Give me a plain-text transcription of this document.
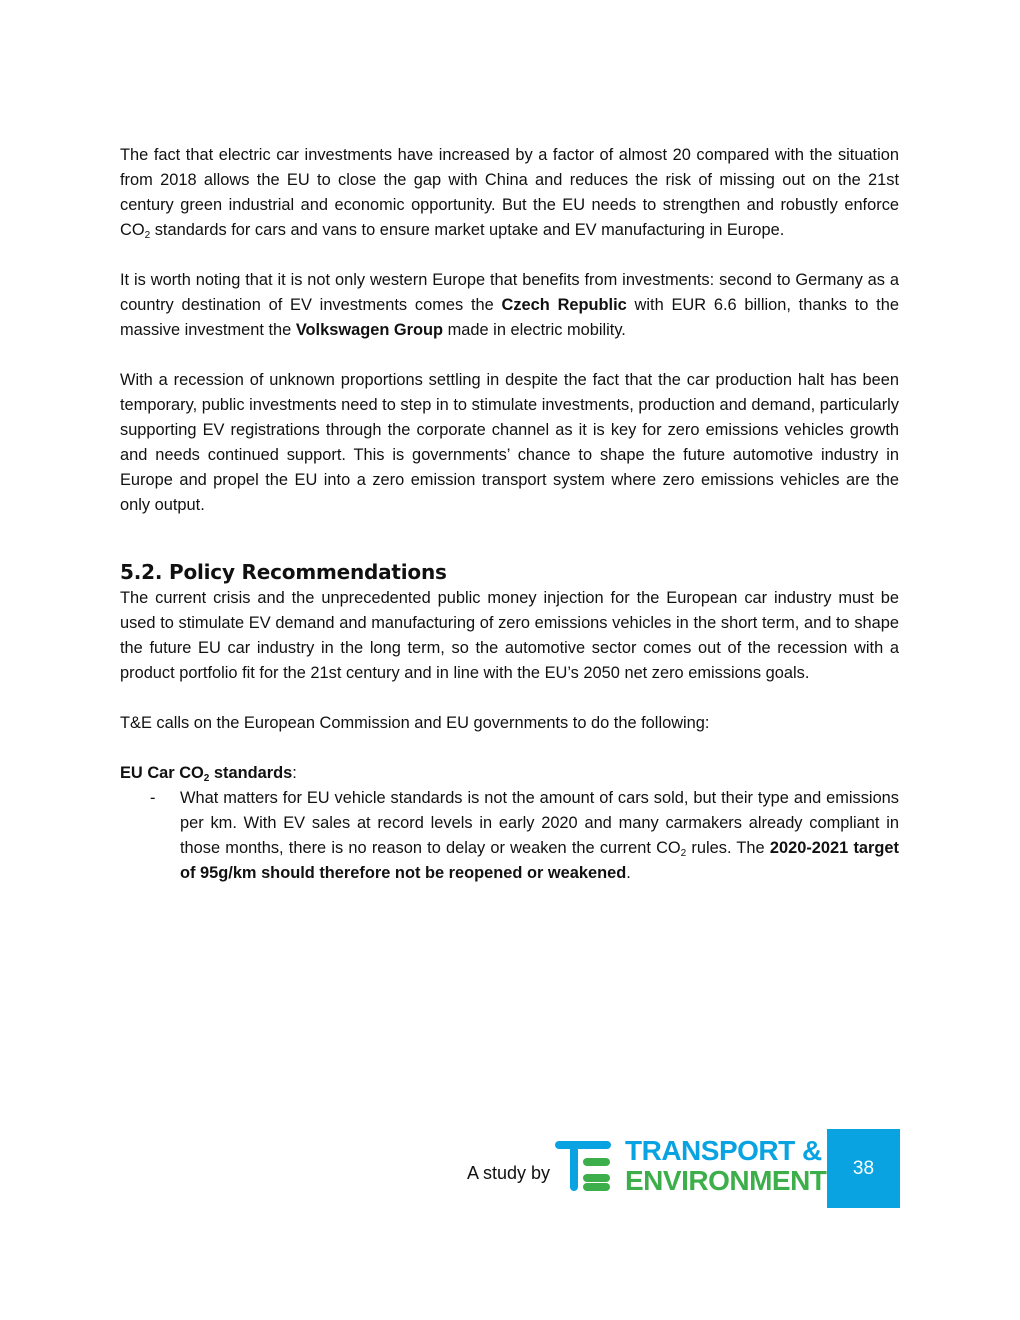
The fact that electric car investments have increased by a factor of almost 20 compared with the situation from 2018 allows the EU to close the gap with China and reduces the risk of missing out on the 21st century green industrial and economic opportunity. But the EU needs to strengthen and robustly enforce $CO_2$ standards for cars and vans to ensure market uptake and EV manufacturing in Europe.

It is worth noting that it is not only western Europe that benefits from investments: second to Germany as a country destination of EV investments comes the Czech Republic with EUR 6.6 billion, thanks to the massive investment the Volkswagen Group made in electric mobility.

With a recession of unknown proportions settling in despite the fact that the car production halt has been temporary, public investments need to step in to stimulate investments, production and demand, particularly supporting EV registrations through the corporate channel as it is key for zero emissions vehicles growth and needs continued support. This is governments’ chance to shape the future automotive industry in Europe and propel the EU into a zero emission transport system where zero emissions vehicles are the only output.

5.2. Policy Recommendations

The current crisis and the unprecedented public money injection for the European car industry must be used to stimulate EV demand and manufacturing of zero emissions vehicles in the short term, and to shape the future EU car industry in the long term, so the automotive sector comes out of the recession with a product portfolio fit for the 21st century and in line with the EU’s 2050 net zero emissions goals.

T&E calls on the European Commission and EU governments to do the following:

EU Car $CO_2$ standards:

- What matters for EU vehicle standards is not the amount of cars sold, but their type and emissions per km. With EV sales at record levels in early 2020 and many carmakers already compliant in those months, there is no reason to delay or weaken the current $CO_2$ rules. The 2020-2021 target of 95g/km should therefore not be reopened or weakened.

A study by
TRANSPORT &
ENVIRONMENT 38
